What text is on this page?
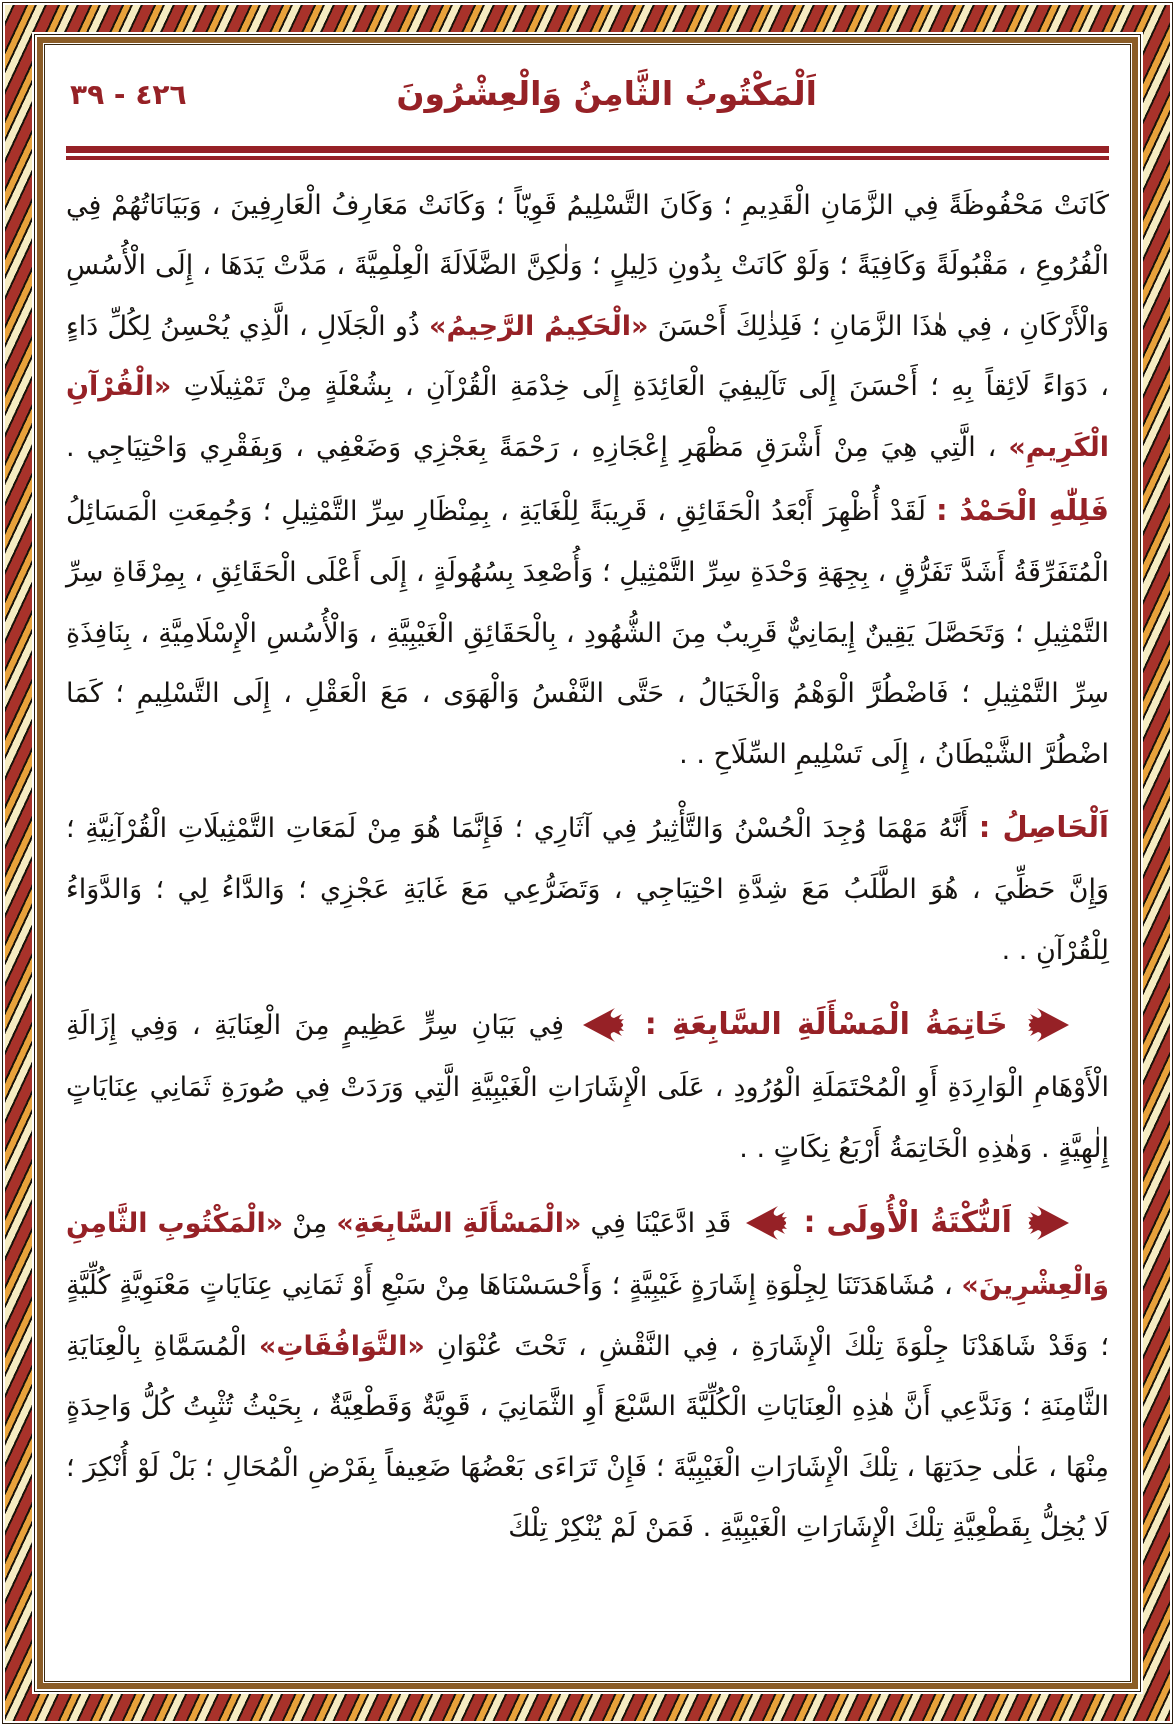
اَلْمَكْتُوبُ الثَّامِنُ وَالْعِشْرُونَ
٤٢٦ - ٣٩

كَانَتْ مَحْفُوظَةً فِي الزَّمَانِ الْقَدِيمِ ؛ وَكَانَ التَّسْلِيمُ قَوِيّاً ؛ وَكَانَتْ مَعَارِفُ الْعَارِفِينَ ، وَبَيَانَاتُهُمْ فِي الْفُرُوعِ ، مَقْبُولَةً وَكَافِيَةً ؛ وَلَوْ كَانَتْ بِدُونِ دَلِيلٍ ؛ وَلٰكِنَّ الضَّلَالَةَ الْعِلْمِيَّةَ ، مَدَّتْ يَدَهَا ، إِلَى الْأُسُسِ وَالْأَرْكَانِ ، فِي هٰذَا الزَّمَانِ ؛ فَلِذٰلِكَ أَحْسَنَ «الْحَكِيمُ الرَّحِيمُ» ذُو الْجَلَالِ ، الَّذِي يُحْسِنُ لِكُلِّ دَاءٍ ، دَوَاءً لَائِقاً بِهِ ؛ أَحْسَنَ إِلَى تَآلِيفِيَ الْعَائِدَةِ إِلَى خِدْمَةِ الْقُرْآنِ ، بِشُعْلَةٍ مِنْ تَمْثِيلَاتِ «الْقُرْآنِ الْكَرِيمِ» ، الَّتِي هِيَ مِنْ أَشْرَقِ مَظْهَرِ إِعْجَازِهِ ، رَحْمَةً بِعَجْزِي وَضَعْفِي ، وَبِفَقْرِي وَاحْتِيَاجِي . فَلِلّٰهِ الْحَمْدُ : لَقَدْ أُظْهِرَ أَبْعَدُ الْحَقَائِقِ ، قَرِيبَةً لِلْغَايَةِ ، بِمِنْظَارِ سِرِّ التَّمْثِيلِ ؛ وَجُمِعَتِ الْمَسَائِلُ الْمُتَفَرِّقَةُ أَشَدَّ تَفَرُّقٍ ، بِجِهَةِ وَحْدَةِ سِرِّ التَّمْثِيلِ ؛ وَأُصْعِدَ بِسُهُولَةٍ ، إِلَى أَعْلَى الْحَقَائِقِ ، بِمِرْقَاةِ سِرِّ التَّمْثِيلِ ؛ وَتَحَصَّلَ يَقِينٌ إِيمَانِيٌّ قَرِيبٌ مِنَ الشُّهُودِ ، بِالْحَقَائِقِ الْغَيْبِيَّةِ ، وَالْأُسُسِ الْإِسْلَامِيَّةِ ، بِنَافِذَةِ سِرِّ التَّمْثِيلِ ؛ فَاضْطُرَّ الْوَهْمُ وَالْخَيَالُ ، حَتَّى النَّفْسُ وَالْهَوَى ، مَعَ الْعَقْلِ ، إِلَى التَّسْلِيمِ ؛ كَمَا اضْطُرَّ الشَّيْطَانُ ، إِلَى تَسْلِيمِ السِّلَاحِ . .

اَلْحَاصِلُ : أَنَّهُ مَهْمَا وُجِدَ الْحُسْنُ وَالتَّأْثِيرُ فِي آثَارِي ؛ فَإِنَّمَا هُوَ مِنْ لَمَعَاتِ التَّمْثِيلَاتِ الْقُرْآنِيَّةِ ؛ وَإِنَّ حَظِّيَ ، هُوَ الطَّلَبُ مَعَ شِدَّةِ احْتِيَاجِي ، وَتَضَرُّعِي مَعَ غَايَةِ عَجْزِي ؛ وَالدَّاءُ لِي ؛ وَالدَّوَاءُ لِلْقُرْآنِ . .

خَاتِمَةُ الْمَسْأَلَةِ السَّابِعَةِ :
فِي بَيَانِ سِرٍّ عَظِيمٍ مِنَ الْعِنَايَةِ ، وَفِي إِزَالَةِ الْأَوْهَامِ الْوَارِدَةِ أَوِ الْمُحْتَمَلَةِ الْوُرُودِ ، عَلَى الْإِشَارَاتِ الْغَيْبِيَّةِ الَّتِي وَرَدَتْ فِي صُورَةِ ثَمَانِي عِنَايَاتٍ إِلٰهِيَّةٍ . وَهٰذِهِ الْخَاتِمَةُ أَرْبَعُ نِكَاتٍ . .

اَلنُّكْتَةُ الْأُولَى :
قَدِ ادَّعَيْنَا فِي «الْمَسْأَلَةِ السَّابِعَةِ» مِنْ «الْمَكْتُوبِ الثَّامِنِ وَالْعِشْرِينَ» ، مُشَاهَدَتَنَا لِجِلْوَةِ إِشَارَةٍ غَيْبِيَّةٍ ؛ وَأَحْسَسْنَاهَا مِنْ سَبْعِ أَوْ ثَمَانِي عِنَايَاتٍ مَعْنَوِيَّةٍ كُلِّيَّةٍ ؛ وَقَدْ شَاهَدْنَا جِلْوَةَ تِلْكَ الْإِشَارَةِ ، فِي النَّقْشِ ، تَحْتَ عُنْوَانِ «التَّوَافُقَاتِ» الْمُسَمَّاةِ بِالْعِنَايَةِ الثَّامِنَةِ ؛ وَنَدَّعِي أَنَّ هٰذِهِ الْعِنَايَاتِ الْكُلِّيَّةَ السَّبْعَ أَوِ الثَّمَانِيَ ، قَوِيَّةٌ وَقَطْعِيَّةٌ ، بِحَيْثُ تُثْبِتُ كُلُّ وَاحِدَةٍ مِنْهَا ، عَلٰى حِدَتِهَا ، تِلْكَ الْإِشَارَاتِ الْغَيْبِيَّةَ ؛ فَإِنْ تَرَاءَى بَعْضُهَا ضَعِيفاً بِفَرْضِ الْمُحَالِ ؛ بَلْ لَوْ أُنْكِرَ ؛ لَا يُخِلُّ بِقَطْعِيَّةِ تِلْكَ الْإِشَارَاتِ الْغَيْبِيَّةِ . فَمَنْ لَمْ يُنْكِرْ تِلْكَ
